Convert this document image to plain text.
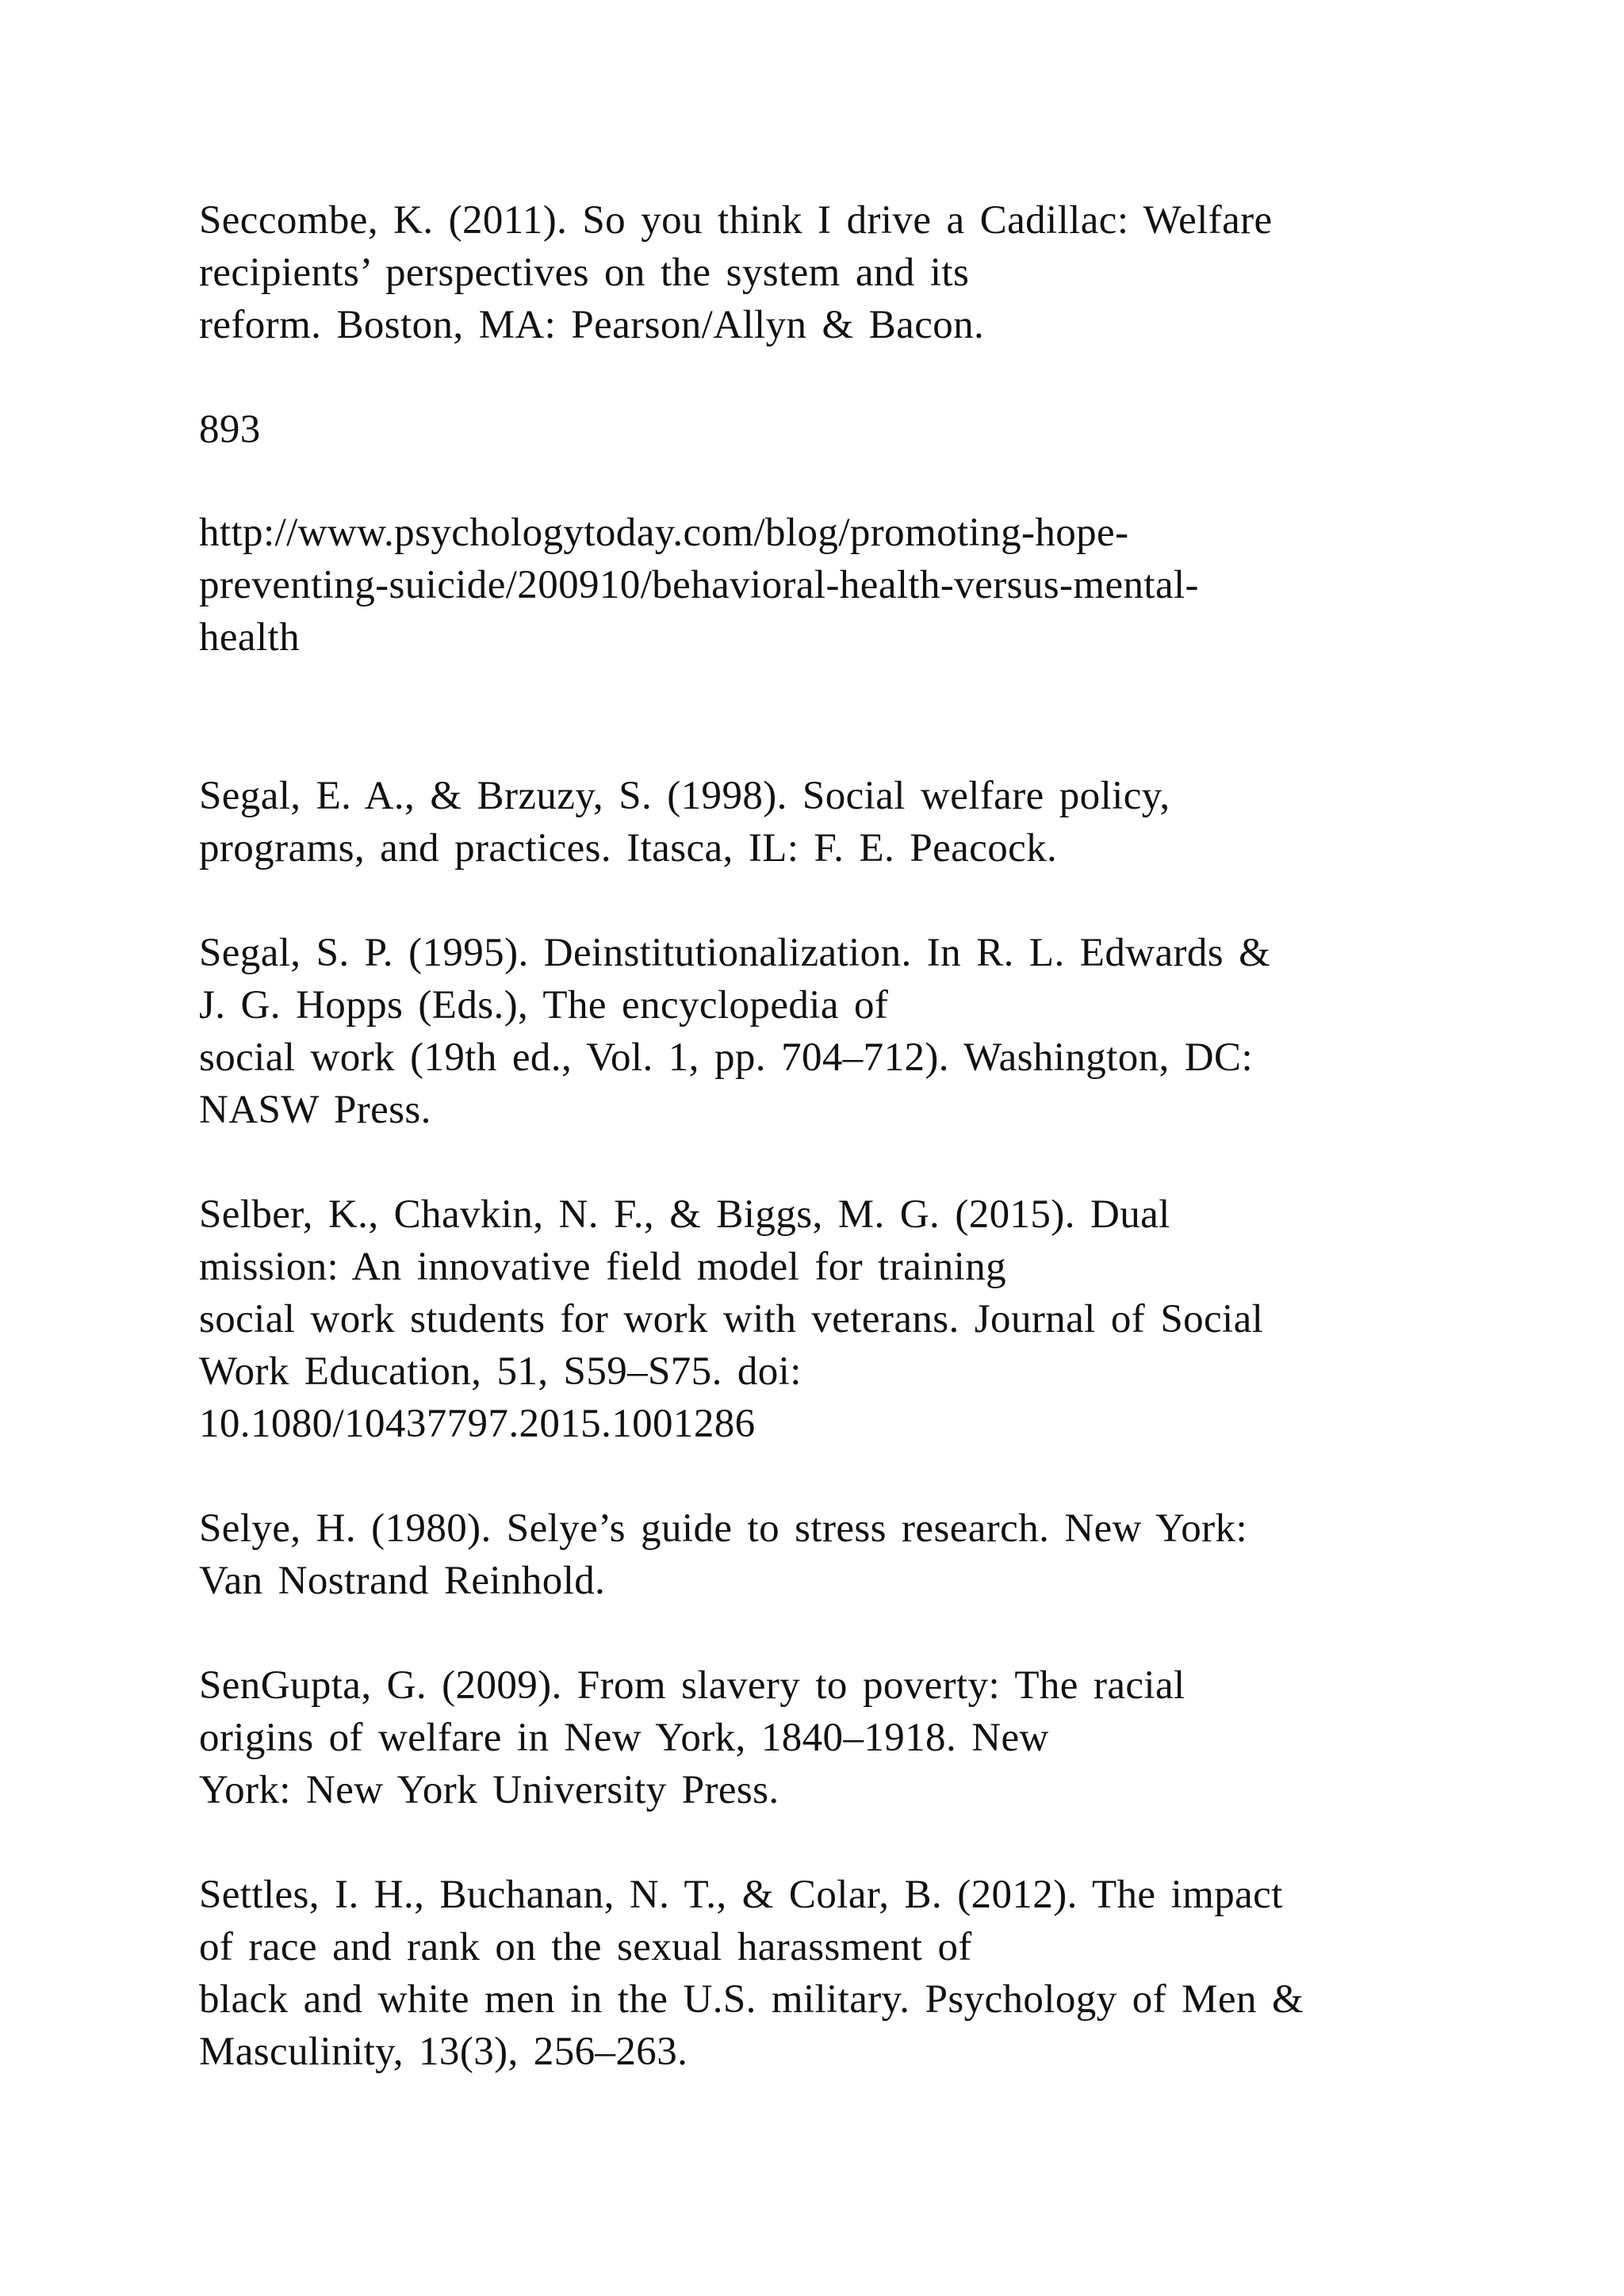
Seccombe, K. (2011). So you think I drive a Cadillac: Welfare
recipients’ perspectives on the system and its
reform. Boston, MA: Pearson/Allyn & Bacon.
893
http://www.psychologytoday.com/blog/promoting-hope-
preventing-suicide/200910/behavioral-health-versus-mental-
health
Segal, E. A., & Brzuzy, S. (1998). Social welfare policy,
programs, and practices. Itasca, IL: F. E. Peacock.
Segal, S. P. (1995). Deinstitutionalization. In R. L. Edwards &
J. G. Hopps (Eds.), The encyclopedia of
social work (19th ed., Vol. 1, pp. 704–712). Washington, DC:
NASW Press.
Selber, K., Chavkin, N. F., & Biggs, M. G. (2015). Dual
mission: An innovative field model for training
social work students for work with veterans. Journal of Social
Work Education, 51, S59–S75. doi:
10.1080/10437797.2015.1001286
Selye, H. (1980). Selye’s guide to stress research. New York:
Van Nostrand Reinhold.
SenGupta, G. (2009). From slavery to poverty: The racial
origins of welfare in New York, 1840–1918. New
York: New York University Press.
Settles, I. H., Buchanan, N. T., & Colar, B. (2012). The impact
of race and rank on the sexual harassment of
black and white men in the U.S. military. Psychology of Men &
Masculinity, 13(3), 256–263.
